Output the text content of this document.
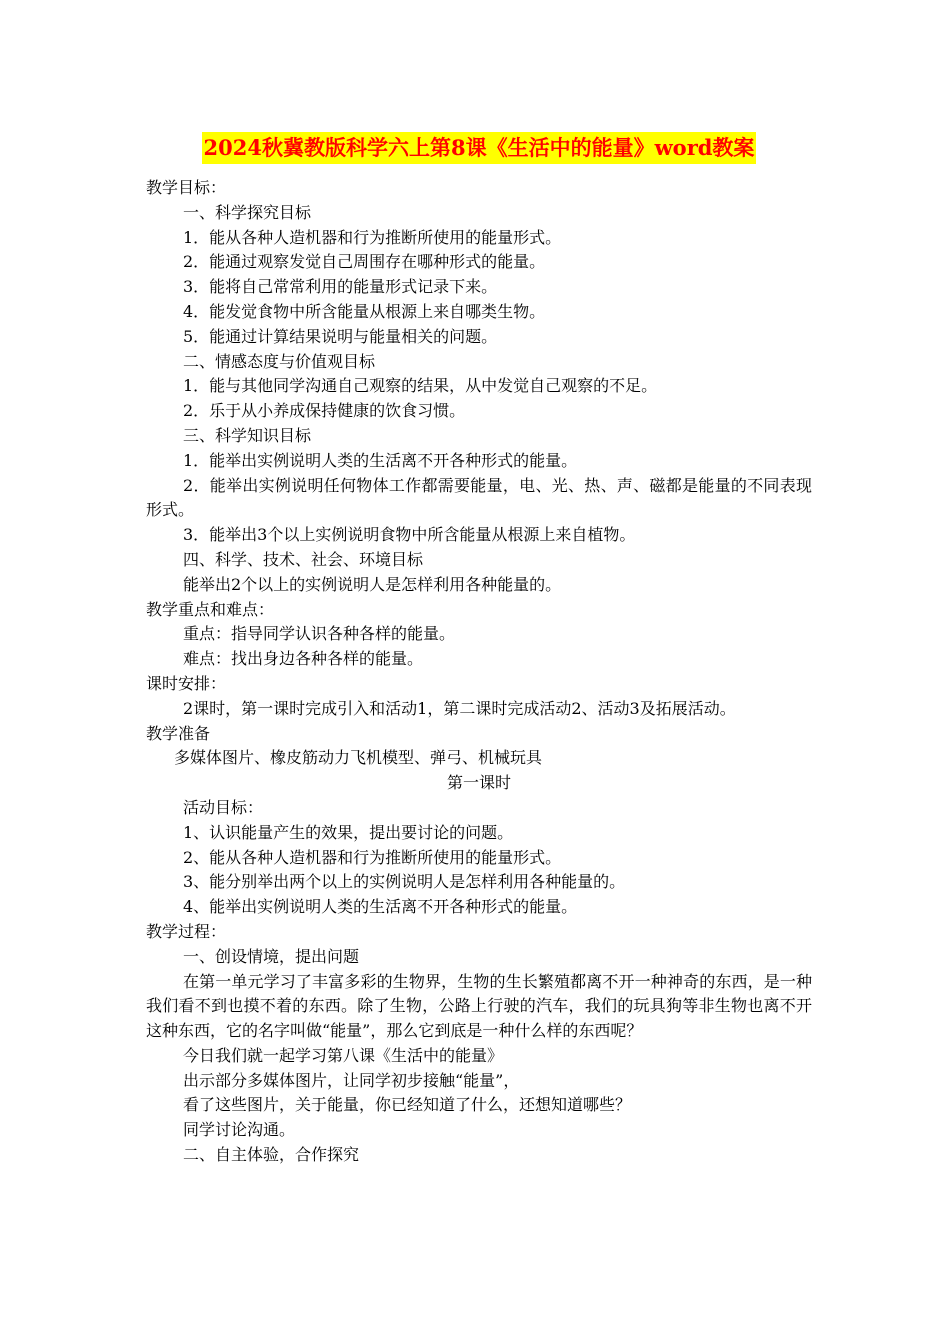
2024秋冀教版科学六上第8课《生活中的能量》word教案
教学目标：
一、科学探究目标
1．能从各种人造机器和行为推断所使用的能量形式。
2．能通过观察发觉自己周围存在哪种形式的能量。
3．能将自己常常利用的能量形式记录下来。
4．能发觉食物中所含能量从根源上来自哪类生物。
5．能通过计算结果说明与能量相关的问题。
二、情感态度与价值观目标
1．能与其他同学沟通自己观察的结果，从中发觉自己观察的不足。
2．乐于从小养成保持健康的饮食习惯。
三、科学知识目标
1．能举出实例说明人类的生活离不开各种形式的能量。
2．能举出实例说明任何物体工作都需要能量，电、光、热、声、磁都是能量的不同表现形式。
3．能举出3个以上实例说明食物中所含能量从根源上来自植物。
四、科学、技术、社会、环境目标
能举出2个以上的实例说明人是怎样利用各种能量的。
教学重点和难点：
重点：指导同学认识各种各样的能量。
难点：找出身边各种各样的能量。
课时安排：
2课时，第一课时完成引入和活动1，第二课时完成活动2、活动3及拓展活动。
教学准备
多媒体图片、橡皮筋动力飞机模型、弹弓、机械玩具
第一课时
活动目标：
1、认识能量产生的效果，提出要讨论的问题。
2、能从各种人造机器和行为推断所使用的能量形式。
3、能分别举出两个以上的实例说明人是怎样利用各种能量的。
4、能举出实例说明人类的生活离不开各种形式的能量。
教学过程：
一、创设情境，提出问题
在第一单元学习了丰富多彩的生物界，生物的生长繁殖都离不开一种神奇的东西，是一种我们看不到也摸不着的东西。除了生物，公路上行驶的汽车，我们的玩具狗等非生物也离不开这种东西，它的名字叫做“能量”，那么它到底是一种什么样的东西呢？
今日我们就一起学习第八课《生活中的能量》
出示部分多媒体图片，让同学初步接触“能量”，
看了这些图片，关于能量，你已经知道了什么，还想知道哪些？
同学讨论沟通。
二、自主体验，合作探究
